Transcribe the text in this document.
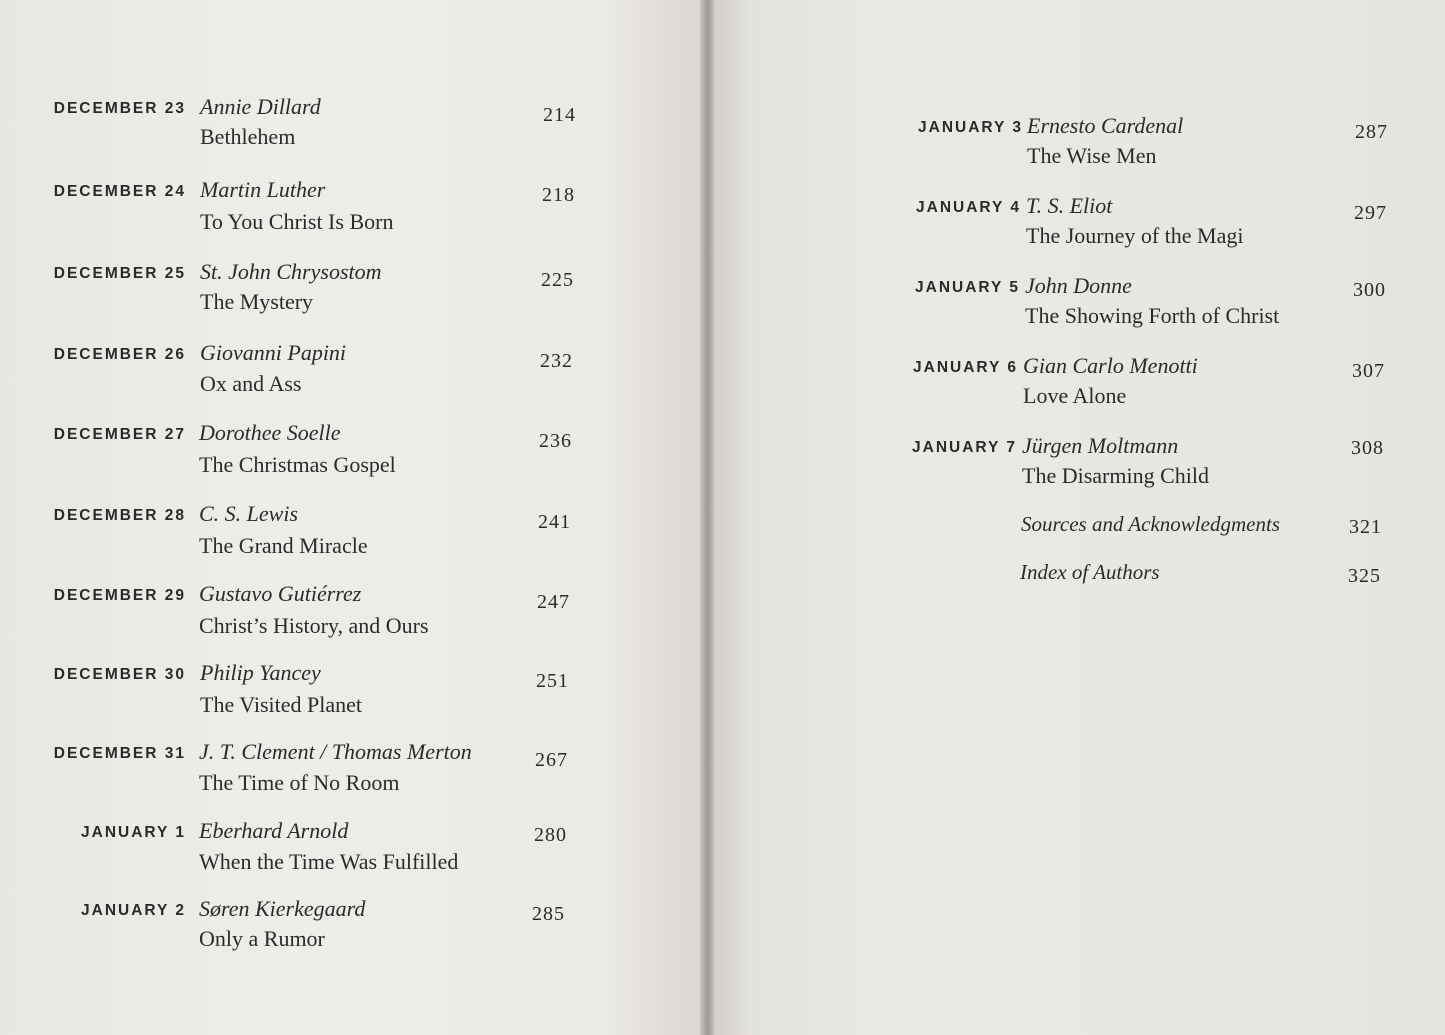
DECEMBER 23 Annie Dillard
Bethlehem
214
DECEMBER 24 Martin Luther
To You Christ Is Born
218
DECEMBER 25 St. John Chrysostom
The Mystery
225
DECEMBER 26 Giovanni Papini
Ox and Ass
232
DECEMBER 27 Dorothee Soelle
The Christmas Gospel
236
DECEMBER 28 C. S. Lewis
The Grand Miracle
241
DECEMBER 29 Gustavo Gutiérrez
Christ’s History, and Ours
247
DECEMBER 30 Philip Yancey
The Visited Planet
251
DECEMBER 31 J. T. Clement / Thomas Merton
The Time of No Room
267
JANUARY 1 Eberhard Arnold
When the Time Was Fulfilled
280
JANUARY 2 Søren Kierkegaard
Only a Rumor
285
JANUARY 3 Ernesto Cardenal
The Wise Men
287
JANUARY 4 T. S. Eliot
The Journey of the Magi
297
JANUARY 5 John Donne
The Showing Forth of Christ
300
JANUARY 6 Gian Carlo Menotti
Love Alone
307
JANUARY 7 Jürgen Moltmann
The Disarming Child
308
Sources and Acknowledgments	321
Index of Authors	325
